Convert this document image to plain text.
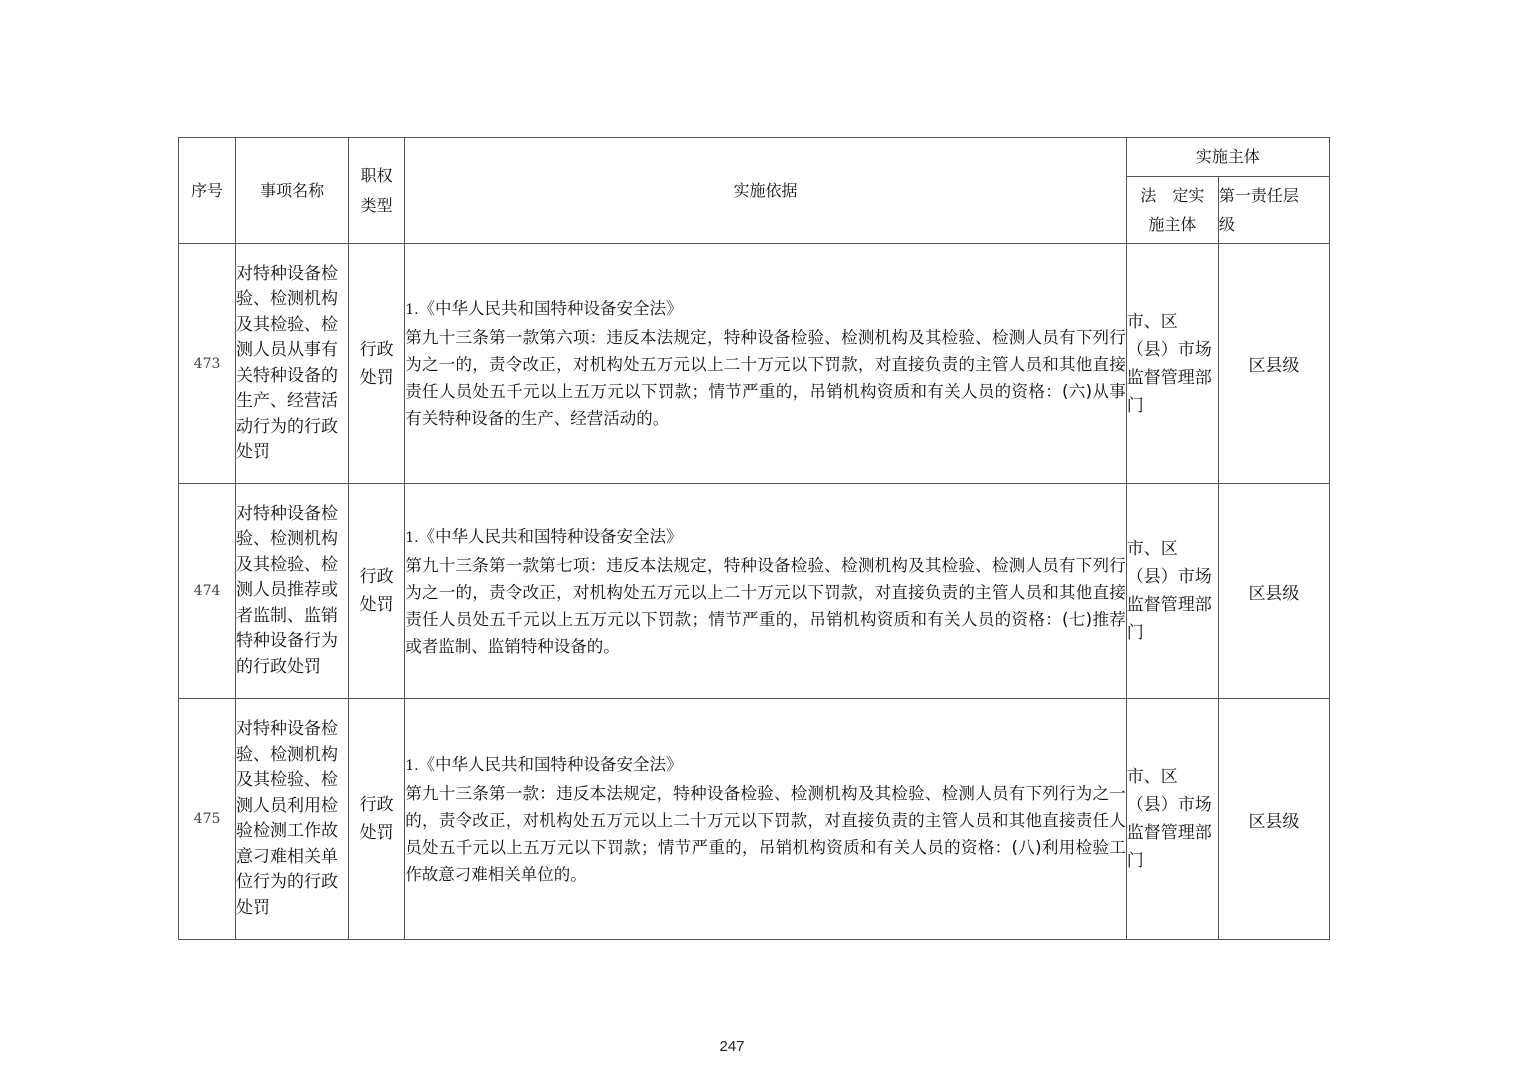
序号	事项名称	职权类型	实施依据	实施主体	

				法　定实施主体	第一责任层级

473	对特种设备检验、检测机构及其检验、检测人员从事有关特种设备的生产、经营活动行为的行政处罚	行政处罚	1.《中华人民共和国特种设备安全法》
第九十三条第一款第六项：违反本法规定，特种设备检验、检测机构及其检验、检测人员有下列行为之一的，责令改正，对机构处五万元以上二十万元以下罚款，对直接负责的主管人员和其他直接责任人员处五千元以上五万元以下罚款；情节严重的，吊销机构资质和有关人员的资格：(六)从事有关特种设备的生产、经营活动的。	市、区（县）市场监督管理部门	区县级
474	对特种设备检验、检测机构及其检验、检测人员推荐或者监制、监销特种设备行为的行政处罚	行政处罚	1.《中华人民共和国特种设备安全法》
第九十三条第一款第七项：违反本法规定，特种设备检验、检测机构及其检验、检测人员有下列行为之一的，责令改正，对机构处五万元以上二十万元以下罚款，对直接负责的主管人员和其他直接责任人员处五千元以上五万元以下罚款；情节严重的，吊销机构资质和有关人员的资格：(七)推荐或者监制、监销特种设备的。	市、区（县）市场监督管理部门	区县级
475	对特种设备检验、检测机构及其检验、检测人员利用检验检测工作故意刁难相关单位行为的行政处罚	行政处罚	1.《中华人民共和国特种设备安全法》
第九十三条第一款：违反本法规定，特种设备检验、检测机构及其检验、检测人员有下列行为之一的，责令改正，对机构处五万元以上二十万元以下罚款，对直接负责的主管人员和其他直接责任人员处五千元以上五万元以下罚款；情节严重的，吊销机构资质和有关人员的资格：(八)利用检验工作故意刁难相关单位的。	市、区（县）市场监督管理部门	区县级
247
